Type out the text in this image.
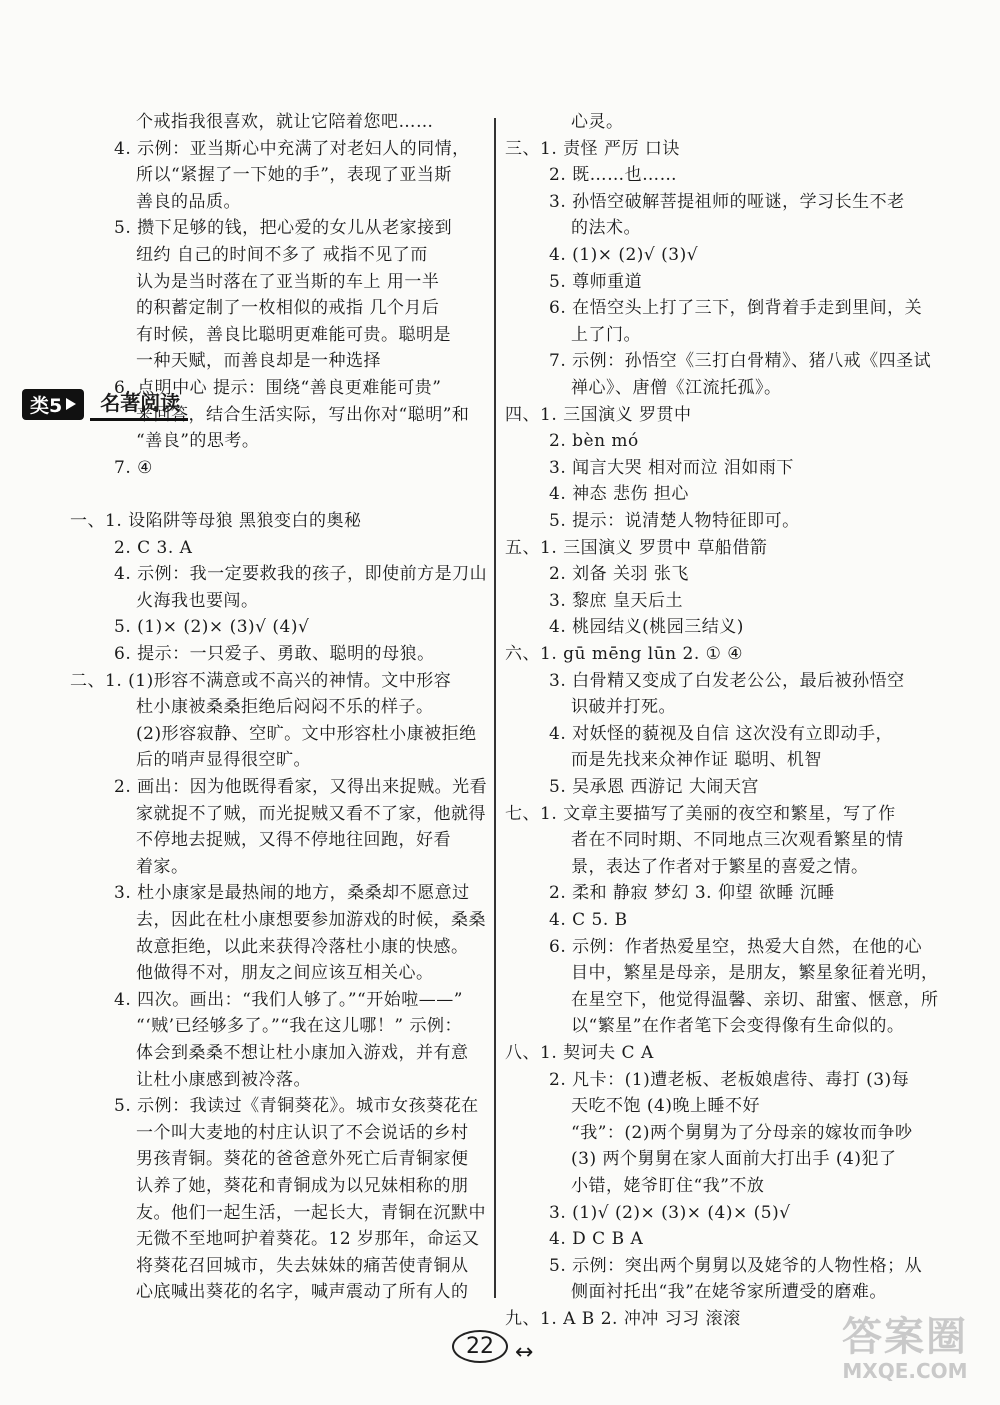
个戒指我很喜欢，就让它陪着您吧……
4. 示例：亚当斯心中充满了对老妇人的同情，
所以“紧握了一下她的手”，表现了亚当斯
善良的品质。
5. 攒下足够的钱，把心爱的女儿从老家接到
纽约 自己的时间不多了 戒指不见了而
认为是当时落在了亚当斯的车上 用一半
的积蓄定制了一枚相似的戒指 几个月后
有时候，善良比聪明更难能可贵。聪明是
一种天赋，而善良却是一种选择
6. 点明中心 提示：围绕“善良更难能可贵”
来回答，结合生活实际，写出你对“聪明”和
“善良”的思考。
7. ④
一、1. 设陷阱等母狼 黑狼变白的奥秘
2. C 3. A
4. 示例：我一定要救我的孩子，即使前方是刀山
火海我也要闯。
5. (1)× (2)× (3)√ (4)√
6. 提示：一只爱子、勇敢、聪明的母狼。
二、1. (1)形容不满意或不高兴的神情。文中形容
杜小康被桑桑拒绝后闷闷不乐的样子。
(2)形容寂静、空旷。文中形容杜小康被拒绝
后的哨声显得很空旷。
2. 画出：因为他既得看家，又得出来捉贼。光看
家就捉不了贼，而光捉贼又看不了家，他就得
不停地去捉贼，又得不停地往回跑，好看
着家。
3. 杜小康家是最热闹的地方，桑桑却不愿意过
去，因此在杜小康想要参加游戏的时候，桑桑
故意拒绝，以此来获得冷落杜小康的快感。
他做得不对，朋友之间应该互相关心。
4. 四次。画出：“我们人够了。”“开始啦——”
“‘贼’已经够多了。”“我在这儿哪！” 示例：
体会到桑桑不想让杜小康加入游戏，并有意
让杜小康感到被冷落。
5. 示例：我读过《青铜葵花》。城市女孩葵花在
一个叫大麦地的村庄认识了不会说话的乡村
男孩青铜。葵花的爸爸意外死亡后青铜家便
认养了她，葵花和青铜成为以兄妹相称的朋
友。他们一起生活，一起长大，青铜在沉默中
无微不至地呵护着葵花。12 岁那年，命运又
将葵花召回城市，失去妹妹的痛苦使青铜从
心底喊出葵花的名字，喊声震动了所有人的
心灵。
三、1. 责怪 严厉 口诀
2. 既……也……
3. 孙悟空破解菩提祖师的哑谜，学习长生不老
的法术。
4. (1)× (2)√ (3)√
5. 尊师重道
6. 在悟空头上打了三下，倒背着手走到里间，关
上了门。
7. 示例：孙悟空《三打白骨精》、猪八戒《四圣试
禅心》、唐僧《江流托孤》。
四、1. 三国演义 罗贯中
2. bèn mó
3. 闻言大哭 相对而泣 泪如雨下
4. 神态 悲伤 担心
5. 提示：说清楚人物特征即可。
五、1. 三国演义 罗贯中 草船借箭
2. 刘备 关羽 张飞
3. 黎庶 皇天后土
4. 桃园结义(桃园三结义)
六、1. gū mēng lūn 2. ① ④
3. 白骨精又变成了白发老公公，最后被孙悟空
识破并打死。
4. 对妖怪的藐视及自信 这次没有立即动手，
而是先找来众神作证 聪明、机智
5. 吴承恩 西游记 大闹天宫
七、1. 文章主要描写了美丽的夜空和繁星，写了作
者在不同时期、不同地点三次观看繁星的情
景，表达了作者对于繁星的喜爱之情。
2. 柔和 静寂 梦幻 3. 仰望 欲睡 沉睡
4. C 5. B
6. 示例：作者热爱星空，热爱大自然，在他的心
目中，繁星是母亲，是朋友，繁星象征着光明，
在星空下，他觉得温馨、亲切、甜蜜、惬意，所
以“繁星”在作者笔下会变得像有生命似的。
八、1. 契诃夫 C A
2. 凡卡：(1)遭老板、老板娘虐待、毒打 (3)每
天吃不饱 (4)晚上睡不好
“我”：(2)两个舅舅为了分母亲的嫁妆而争吵
(3) 两个舅舅在家人面前大打出手 (4)犯了
小错，姥爷盯住“我”不放
3. (1)√ (2)× (3)× (4)× (5)√
4. D C B A
5. 示例：突出两个舅舅以及姥爷的人物性格；从
侧面衬托出“我”在姥爷家所遭受的磨难。
九、1. A B 2. 冲冲 习习 滚滚
类5	名著阅读
22 ↔	答案圈
MXQE.COM
